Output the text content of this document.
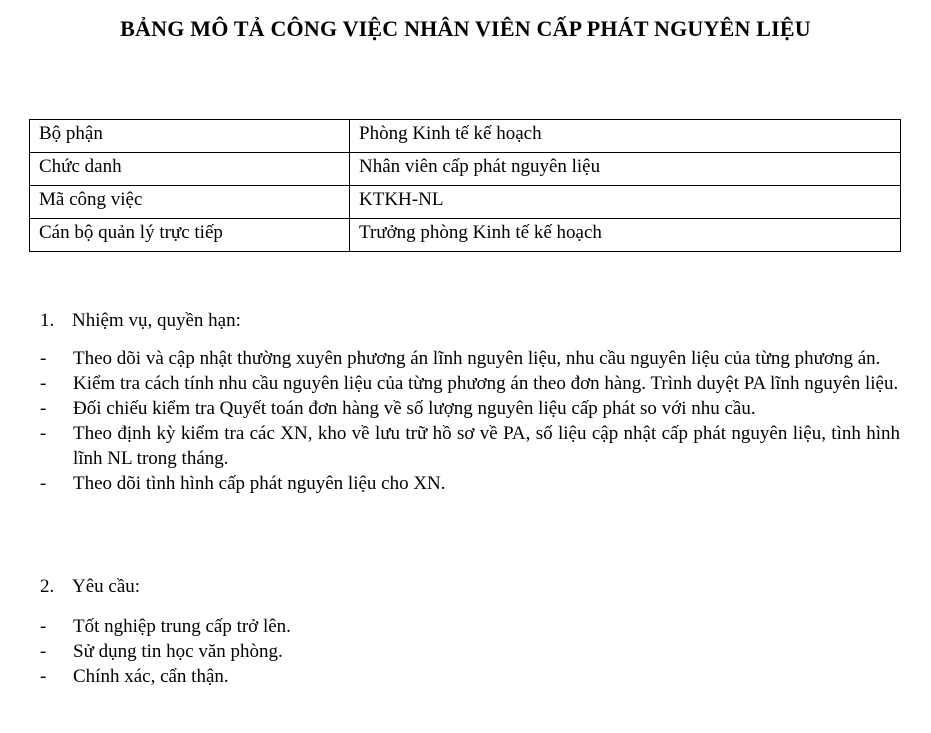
BẢNG MÔ TẢ CÔNG VIỆC NHÂN VIÊN CẤP PHÁT NGUYÊN LIỆU
Bộ phận	Phòng Kinh tế kế hoạch
Chức danh	Nhân viên cấp phát nguyên liệu
Mã công việc	KTKH-NL
Cán bộ quản lý trực tiếp	Trưởng phòng Kinh tế kế hoạch
1. Nhiệm vụ, quyền hạn:
- Theo dõi và cập nhật thường xuyên phương án lĩnh nguyên liệu, nhu cầu nguyên liệu của từng phương án.
- Kiểm tra cách tính nhu cầu nguyên liệu của từng phương án theo đơn hàng. Trình duyệt PA lĩnh nguyên liệu.
- Đối chiếu kiểm tra Quyết toán đơn hàng về số lượng nguyên liệu cấp phát so với nhu cầu.
- Theo định kỳ kiểm tra các XN, kho về lưu trữ hồ sơ về PA, số liệu cập nhật cấp phát nguyên liệu, tình hình lĩnh NL trong tháng.
- Theo dõi tình hình cấp phát nguyên liệu cho XN.
2. Yêu cầu:
- Tốt nghiệp trung cấp trở lên.
- Sử dụng tin học văn phòng.
- Chính xác, cẩn thận.
